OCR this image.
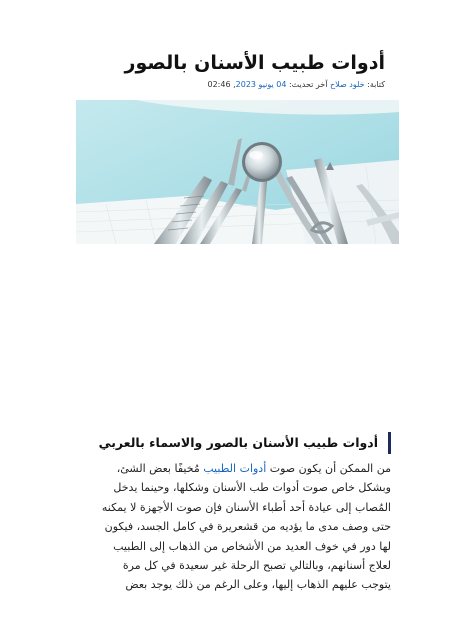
أدوات طبيب الأسنان بالصور
كتابة: خلود صلاح آخر تحديث: 04 يونيو 2023, 02:46
أدوات طبيب الأسنان بالصور والاسماء بالعربي
من الممكن أن يكون صوت أدوات الطبيب مُخيفًا بعض الشئ،
وبشكل خاص صوت أدوات طب الأسنان وشكلها، وحينما يدخل
المُصاب إلى عيادة أحد أطباء الأسنان فإن صوت الأجهزة لا يمكنه
حتى وصف مدى ما يؤديه من قشعريرة في كامل الجسد، فيكون
لها دور في خوف العديد من الأشخاص من الذهاب إلى الطبيب
لعلاج أسنانهم، وبالتالي تصبح الرحلة غير سعيدة في كل مرة
يتوجب عليهم الذهاب إليها، وعلى الرغم من ذلك يوجد بعض
